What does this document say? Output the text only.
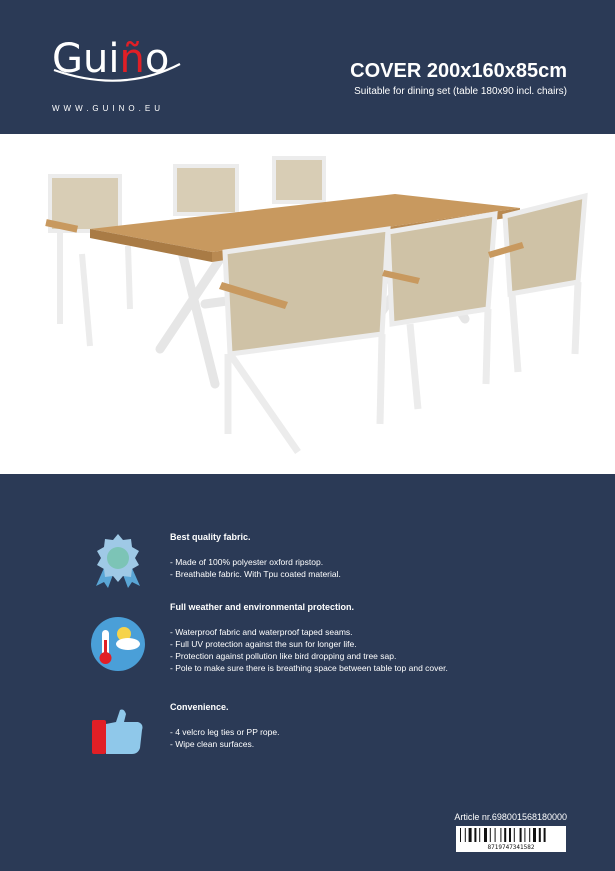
Guiño
WWW.GUINO.EU
COVER 200x160x85cm
Suitable for dining set (table 180x90 incl. chairs)

Best quality fabric.

- Made of 100% polyester oxford ripstop.

- Breathable fabric. With Tpu coated material.

Full weather and environmental protection.

- Waterproof fabric and waterproof taped seams.

- Full UV protection against the sun for longer life.

- Protection against pollution like bird dropping and tree sap.

- Pole to make sure there is breathing space between table top and cover.

Convenience.

- 4 velcro leg ties or PP rope.

- Wipe clean surfaces.

Article nr.698001568180000
8719747341582
